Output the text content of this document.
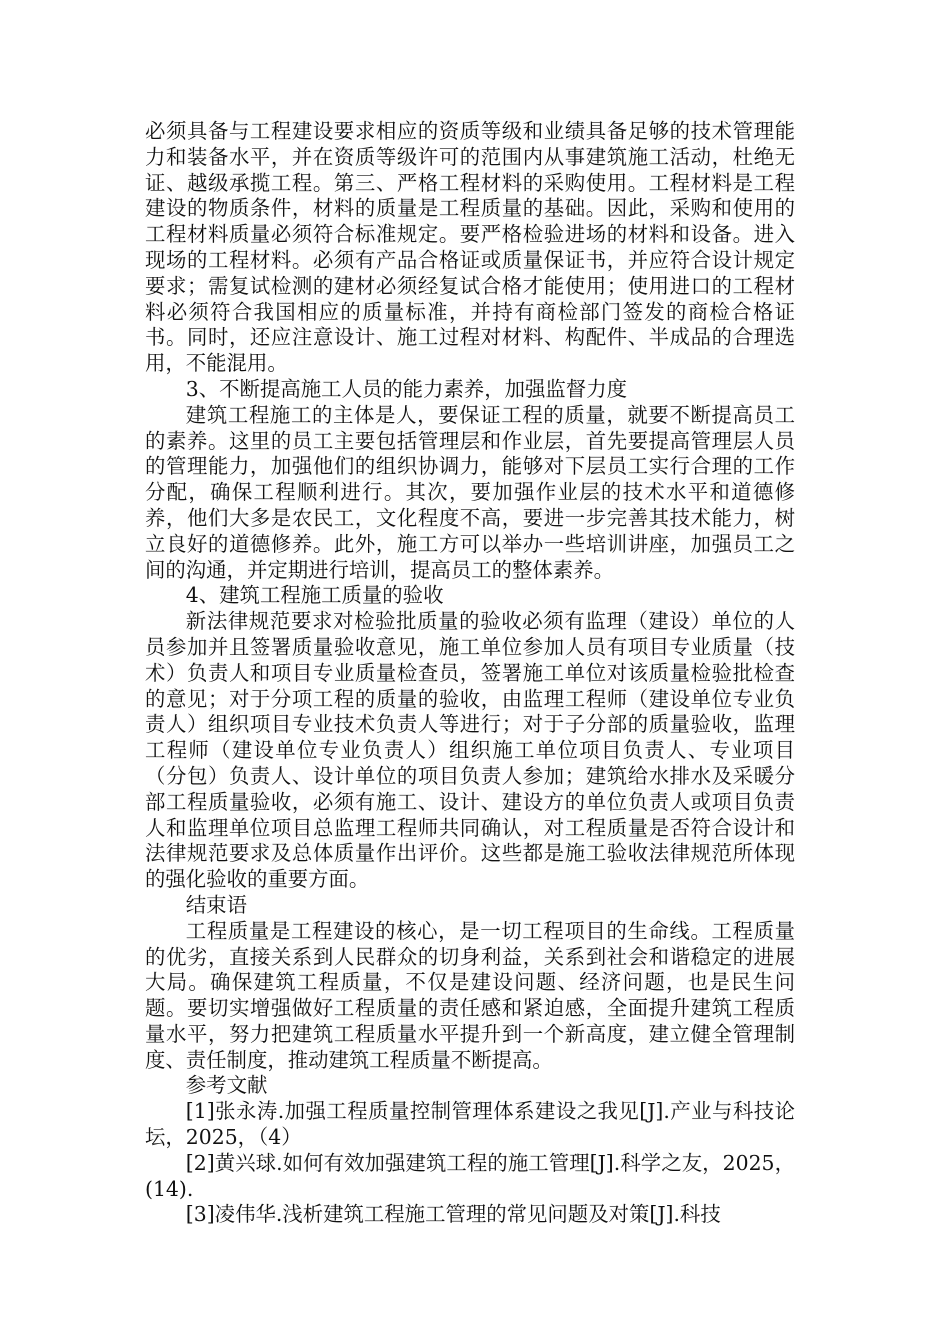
必须具备与工程建设要求相应的资质等级和业绩具备足够的技术管理能力和装备水平，并在资质等级许可的范围内从事建筑施工活动，杜绝无证、越级承揽工程。第三、严格工程材料的采购使用。工程材料是工程建设的物质条件，材料的质量是工程质量的基础。因此，采购和使用的工程材料质量必须符合标准规定。要严格检验进场的材料和设备。进入现场的工程材料。必须有产品合格证或质量保证书，并应符合设计规定要求；需复试检测的建材必须经复试合格才能使用；使用进口的工程材料必须符合我国相应的质量标准，并持有商检部门签发的商检合格证书。同时，还应注意设计、施工过程对材料、构配件、半成品的合理选用，不能混用。

3、不断提高施工人员的能力素养，加强监督力度

建筑工程施工的主体是人，要保证工程的质量，就要不断提高员工的素养。这里的员工主要包括管理层和作业层，首先要提高管理层人员的管理能力，加强他们的组织协调力，能够对下层员工实行合理的工作分配，确保工程顺利进行。其次，要加强作业层的技术水平和道德修养，他们大多是农民工，文化程度不高，要进一步完善其技术能力，树立良好的道德修养。此外，施工方可以举办一些培训讲座，加强员工之间的沟通，并定期进行培训，提高员工的整体素养。

4、建筑工程施工质量的验收

新法律规范要求对检验批质量的验收必须有监理（建设）单位的人员参加并且签署质量验收意见，施工单位参加人员有项目专业质量（技术）负责人和项目专业质量检查员，签署施工单位对该质量检验批检查的意见；对于分项工程的质量的验收，由监理工程师（建设单位专业负责人）组织项目专业技术负责人等进行；对于子分部的质量验收，监理工程师（建设单位专业负责人）组织施工单位项目负责人、专业项目（分包）负责人、设计单位的项目负责人参加；建筑给水排水及采暖分部工程质量验收，必须有施工、设计、建设方的单位负责人或项目负责人和监理单位项目总监理工程师共同确认，对工程质量是否符合设计和法律规范要求及总体质量作出评价。这些都是施工验收法律规范所体现的强化验收的重要方面。

结束语

工程质量是工程建设的核心，是一切工程项目的生命线。工程质量的优劣，直接关系到人民群众的切身利益，关系到社会和谐稳定的进展大局。确保建筑工程质量，不仅是建设问题、经济问题，也是民生问题。要切实增强做好工程质量的责任感和紧迫感，全面提升建筑工程质量水平，努力把建筑工程质量水平提升到一个新高度，建立健全管理制度、责任制度，推动建筑工程质量不断提高。

参考文献

[1]张永涛.加强工程质量控制管理体系建设之我见[J].产业与科技论坛，2025，（4）

[2]黄兴球.如何有效加强建筑工程的施工管理[J].科学之友，2025，(14).

[3]凌伟华.浅析建筑工程施工管理的常见问题及对策[J].科技
